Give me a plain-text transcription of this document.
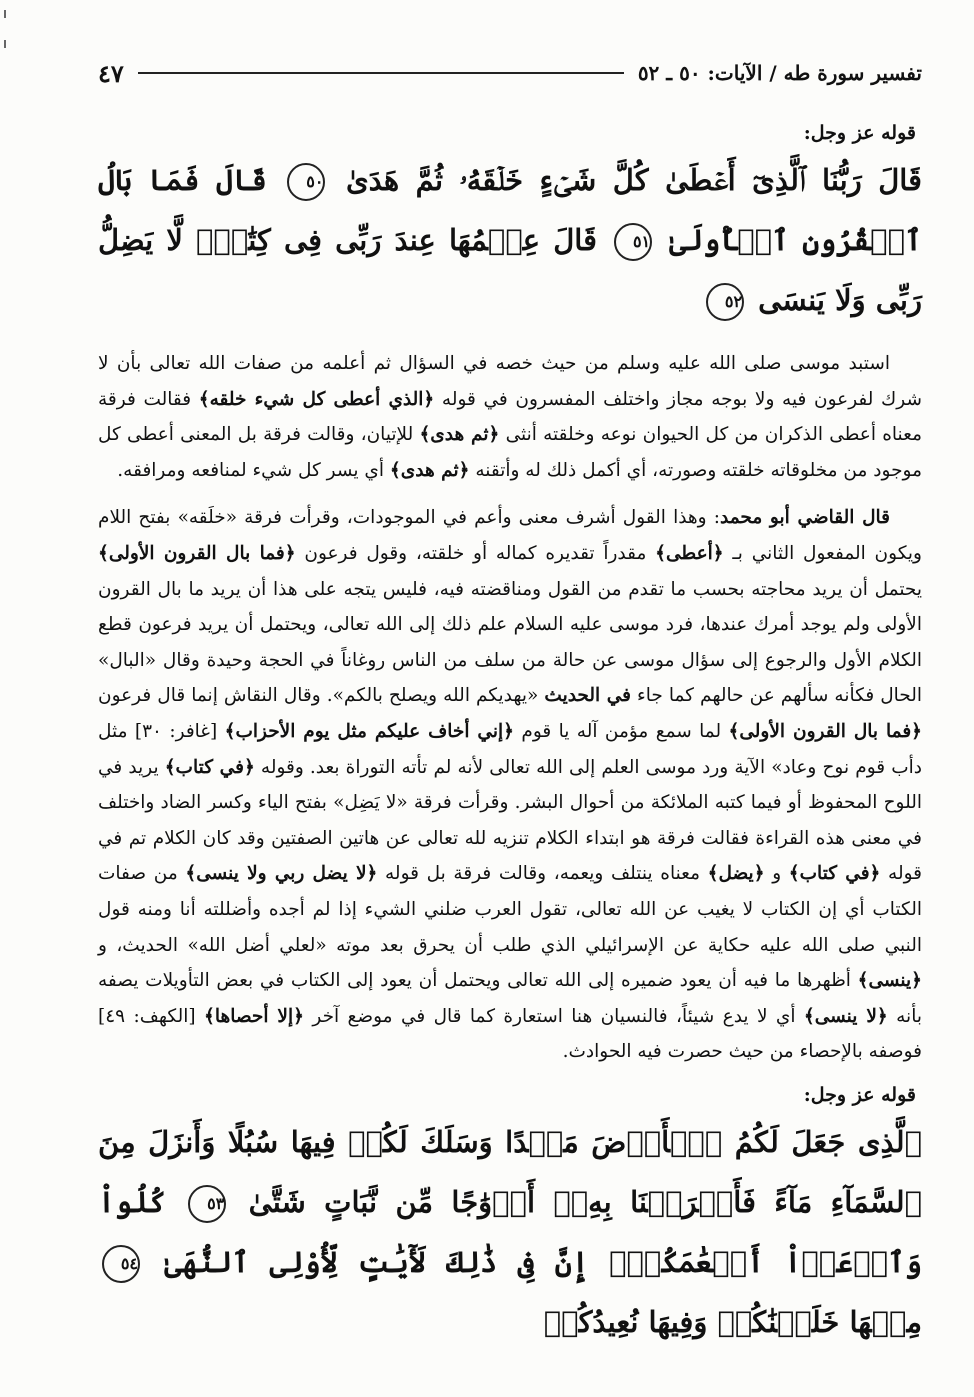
تفسير سورة طه / الآيات: ٥٠ ـ ٥٢
٤٧
قوله عز وجل:
قَالَ رَبُّنَا ٱلَّذِىٓ أَعۡطَىٰ كُلَّ شَىۡءٍ خَلۡقَهُۥ ثُمَّ هَدَىٰ ٥٠ قَالَ فَمَا بَالُ ٱلۡقُرُونِ ٱلۡأُولَىٰ ٥١ قَالَ عِلۡمُهَا عِندَ رَبِّى فِى كِتَٰبٍۖ لَّا يَضِلُّ رَبِّى وَلَا يَنسَى ٥٢

استبد موسى صلى الله عليه وسلم من حيث خصه في السؤال ثم أعلمه من صفات الله تعالى بأن لا شرك لفرعون فيه ولا بوجه مجاز واختلف المفسرون في قوله ﴿الذي أعطى كل شيء خلقه﴾ فقالت فرقة معناه أعطى الذكران من كل الحيوان نوعه وخلقته أنثى ﴿ثم هدى﴾ للإتيان، وقالت فرقة بل المعنى أعطى كل موجود من مخلوقاته خلقته وصورته، أي أكمل ذلك له وأتقنه ﴿ثم هدى﴾ أي يسر كل شيء لمنافعه ومرافقه.

قال القاضي أبو محمد: وهذا القول أشرف معنى وأعم في الموجودات، وقرأت فرقة «خلَقه» بفتح اللام ويكون المفعول الثاني بـ ﴿أعطى﴾ مقدراً تقديره كماله أو خلقته، وقول فرعون ﴿فما بال القرون الأولى﴾ يحتمل أن يريد محاجته بحسب ما تقدم من القول ومناقضته فيه، فليس يتجه على هذا أن يريد ما بال القرون الأولى ولم يوجد أمرك عندها، فرد موسى عليه السلام علم ذلك إلى الله تعالى، ويحتمل أن يريد فرعون قطع الكلام الأول والرجوع إلى سؤال موسى عن حالة من سلف من الناس روغاناً في الحجة وحيدة وقال «البال» الحال فكأنه سألهم عن حالهم كما جاء في الحديث «يهديكم الله ويصلح بالكم». وقال النقاش إنما قال فرعون ﴿فما بال القرون الأولى﴾ لما سمع مؤمن آله يا قوم ﴿إني أخاف عليكم مثل يوم الأحزاب﴾ [غافر: ٣٠] مثل دأب قوم نوح وعاد» الآية ورد موسى العلم إلى الله تعالى لأنه لم تأته التوراة بعد. وقوله ﴿في كتاب﴾ يريد في اللوح المحفوظ أو فيما كتبه الملائكة من أحوال البشر. وقرأت فرقة «لا يَضِل» بفتح الياء وكسر الضاد واختلف في معنى هذه القراءة فقالت فرقة هو ابتداء الكلام تنزيه لله تعالى عن هاتين الصفتين وقد كان الكلام تم في قوله ﴿في كتاب﴾ و ﴿يضل﴾ معناه ينتلف ويعمه، وقالت فرقة بل قوله ﴿لا يضل ربي ولا ينسى﴾ من صفات الكتاب أي إن الكتاب لا يغيب عن الله تعالى، تقول العرب ضلني الشيء إذا لم أجده وأضللته أنا ومنه قول النبي صلى الله عليه حكاية عن الإسرائيلي الذي طلب أن يحرق بعد موته «لعلي أضل الله» الحديث، و ﴿ينسى﴾ أظهرها ما فيه أن يعود ضميره إلى الله تعالى ويحتمل أن يعود إلى الكتاب في بعض التأويلات يصفه بأنه ﴿لا ينسى﴾ أي لا يدع شيئاً، فالنسيان هنا استعارة كما قال في موضع آخر ﴿إلا أحصاها﴾ [الكهف: ٤٩] فوصفه بالإحصاء من حيث حصرت فيه الحوادث.

قوله عز وجل:
ٱلَّذِى جَعَلَ لَكُمُ ٱلۡأَرۡضَ مَهۡدًا وَسَلَكَ لَكُمۡ فِيهَا سُبُلًا وَأَنزَلَ مِنَ ٱلسَّمَآءِ مَآءً فَأَخۡرَجۡنَا بِهِۦٓ أَزۡوَٰجًا مِّن نَّبَاتٍ شَتَّىٰ ٥٣ كُلُواْ وَٱرۡعَوۡاْ أَنۡعَٰمَكُمۡۚ إِنَّ فِى ذَٰلِكَ لَأٓيَٰتٍ لِّأُوْلِى ٱلنُّهَىٰ ٥٤ مِنۡهَا خَلَقۡنَٰكُمۡ وَفِيهَا نُعِيدُكُمۡ
